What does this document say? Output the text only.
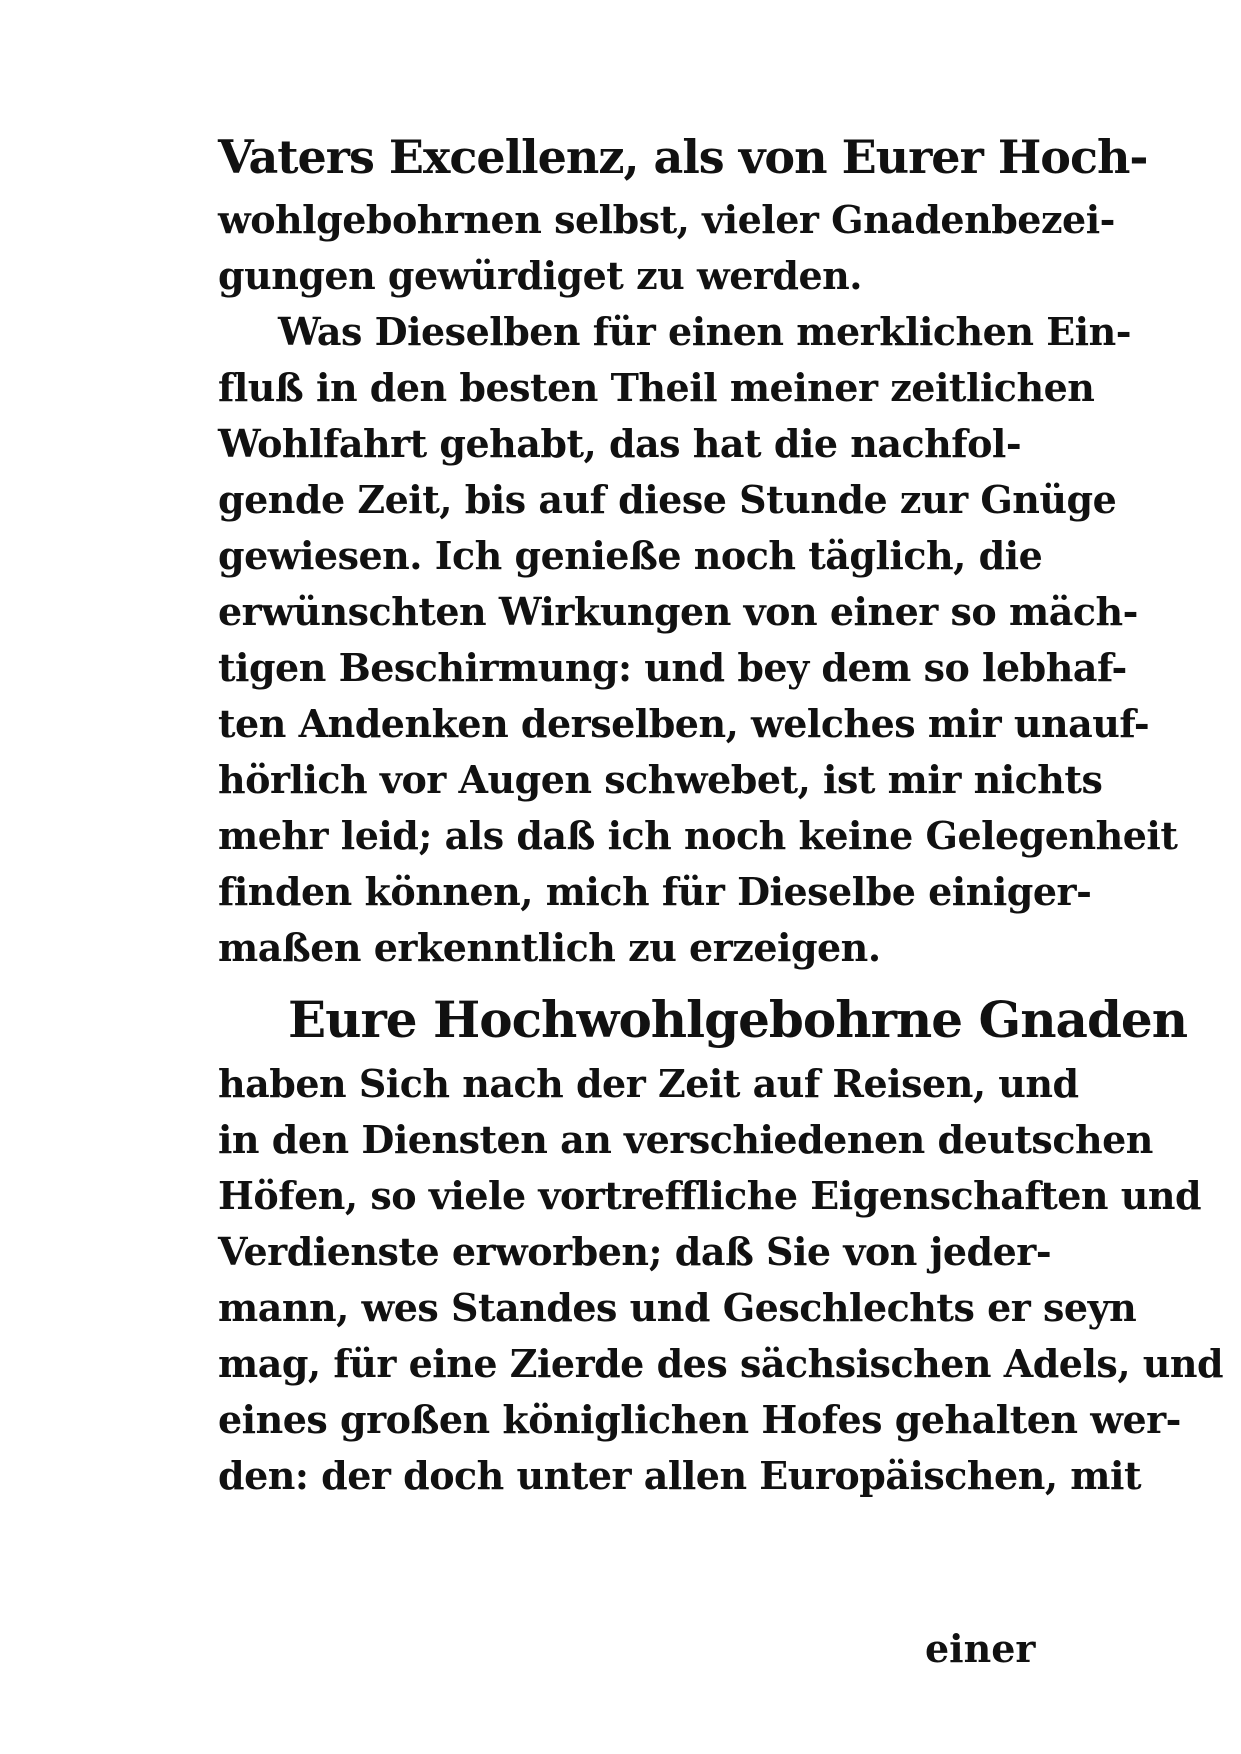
Vaters Excellenz, als von Eurer Hoch-
wohlgebohrnen selbst, vieler Gnadenbezei-
gungen gewürdiget zu werden.
Was Dieselben für einen merklichen Ein-
fluß in den besten Theil meiner zeitlichen
Wohlfahrt gehabt, das hat die nachfol-
gende Zeit, bis auf diese Stunde zur Gnüge
gewiesen. Ich genieße noch täglich, die
erwünschten Wirkungen von einer so mäch-
tigen Beschirmung: und bey dem so lebhaf-
ten Andenken derselben, welches mir unauf-
hörlich vor Augen schwebet, ist mir nichts
mehr leid; als daß ich noch keine Gelegenheit
finden können, mich für Dieselbe einiger-
maßen erkenntlich zu erzeigen.
Eure Hochwohlgebohrne Gnaden
haben Sich nach der Zeit auf Reisen, und
in den Diensten an verschiedenen deutschen
Höfen, so viele vortreffliche Eigenschaften und
Verdienste erworben; daß Sie von jeder-
mann, wes Standes und Geschlechts er seyn
mag, für eine Zierde des sächsischen Adels, und
eines großen königlichen Hofes gehalten wer-
den: der doch unter allen Europäischen, mit
einer
